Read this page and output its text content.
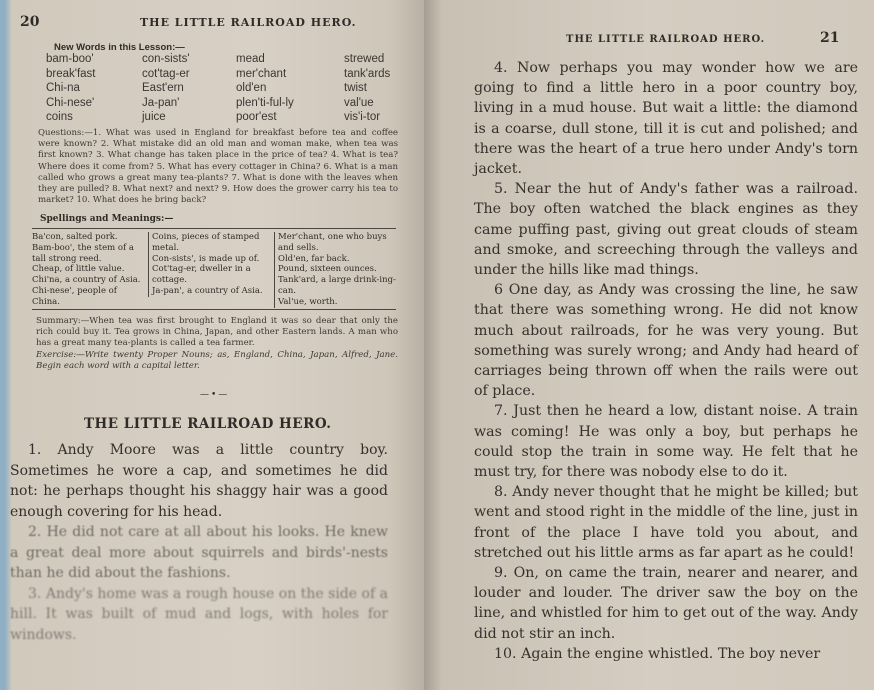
20	THE LITTLE RAILROAD HERO.
New Words in this Lesson:—
bam-boo'
break'fast
Chi-na
Chi-nese'
coins
con-sists'
cot'tag-er
East'ern
Ja-pan'
juice
mead
mer'chant
old'en
plen'ti-ful-ly
poor'est
strewed
tank'ards
twist
val'ue
vis'i-tor
Questions:—1. What was used in England for breakfast before tea and coffee were known? 2. What mistake did an old man and woman make, when tea was first known? 3. What change has taken place in the price of tea? 4. What is tea? Where does it come from? 5. What has every cottager in China? 6. What is a man called who grows a great many tea-plants? 7. What is done with the leaves when they are pulled? 8. What next? and next? 9. How does the grower carry his tea to market? 10. What does he bring back?
Spellings and Meanings:—
Ba'con, salted pork.
Bam-boo', the stem of a tall strong reed.
Cheap, of little value.
Chi'na, a country of Asia.
Chi-nese', people of China.
Coins, pieces of stamped metal.
Con-sists', is made up of.
Cot'tag-er, dweller in a cottage.
Ja-pan', a country of Asia.
Mer'chant, one who buys and sells.
Old'en, far back.
Pound, sixteen ounces.
Tank'ard, a large drink-ing-can.
Val'ue, worth.
Summary:—When tea was first brought to England it was so dear that only the rich could buy it. Tea grows in China, Japan, and other Eastern lands. A man who has a great many tea-plants is called a tea farmer.
Exercise:—Write twenty Proper Nouns; as, England, China, Japan, Alfred, Jane. Begin each word with a capital letter.
—•—
THE LITTLE RAILROAD HERO.

1. Andy Moore was a little country boy. Sometimes he wore a cap, and sometimes he did not: he perhaps thought his shaggy hair was a good enough covering for his head.

2. He did not care at all about his looks. He knew a great deal more about squirrels and birds'-nests than he did about the fashions.

3. Andy's home was a rough house on the side of a hill. It was built of mud and logs, with holes for windows.

THE LITTLE RAILROAD HERO.	21

4. Now perhaps you may wonder how we are going to find a little hero in a poor country boy, living in a mud house. But wait a little: the diamond is a coarse, dull stone, till it is cut and polished; and there was the heart of a true hero under Andy's torn jacket.

5. Near the hut of Andy's father was a railroad. The boy often watched the black engines as they came puffing past, giving out great clouds of steam and smoke, and screeching through the valleys and under the hills like mad things.

6 One day, as Andy was crossing the line, he saw that there was something wrong. He did not know much about railroads, for he was very young. But something was surely wrong; and Andy had heard of carriages being thrown off when the rails were out of place.

7. Just then he heard a low, distant noise. A train was coming! He was only a boy, but perhaps he could stop the train in some way. He felt that he must try, for there was nobody else to do it.

8. Andy never thought that he might be killed; but went and stood right in the middle of the line, just in front of the place I have told you about, and stretched out his little arms as far apart as he could!

9. On, on came the train, nearer and nearer, and louder and louder. The driver saw the boy on the line, and whistled for him to get out of the way. Andy did not stir an inch.

10. Again the engine whistled. The boy never
